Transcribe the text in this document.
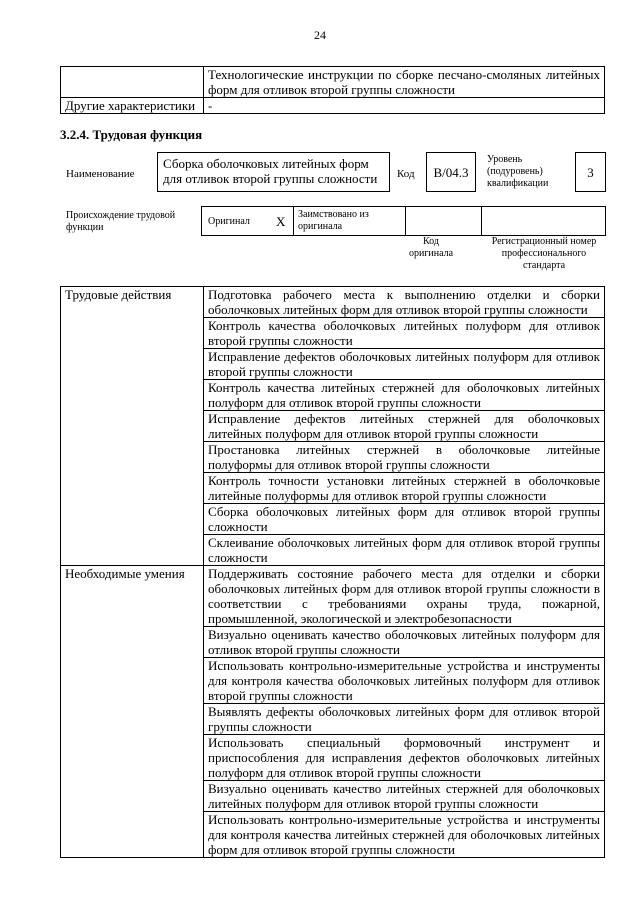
24
	Технологические инструкции по сборке песчано-смоляных литейных форм для отливок второй группы сложности
Другие характеристики	-
3.2.4. Трудовая функция
Наименование
Сборка оболочковых литейных форм для отливок второй группы сложности	Код	B/04.3
Уровень (подуровень) квалификации
3
Происхождение трудовой функции
Оригинал X Заимствовано из оригинала
Код оригинала
Регистрационный номер профессионального стандарта
Трудовые действия	Подготовка рабочего места к выполнению отделки и сборки оболочковых литейных форм для отливок второй группы сложности
	Контроль качества оболочковых литейных полуформ для отливок второй группы сложности
	Исправление дефектов оболочковых литейных полуформ для отливок второй группы сложности
	Контроль качества литейных стержней для оболочковых литейных полуформ для отливок второй группы сложности
	Исправление дефектов литейных стержней для оболочковых литейных полуформ для отливок второй группы сложности
	Простановка литейных стержней в оболочковые литейные полуформы для отливок второй группы сложности
	Контроль точности установки литейных стержней в оболочковые литейные полуформы для отливок второй группы сложности
	Сборка оболочковых литейных форм для отливок второй группы сложности
	Склеивание оболочковых литейных форм для отливок второй группы сложности
Необходимые умения	Поддерживать состояние рабочего места для отделки и сборки оболочковых литейных форм для отливок второй группы сложности в соответствии с требованиями охраны труда, пожарной, промышленной, экологической и электробезопасности
	Визуально оценивать качество оболочковых литейных полуформ для отливок второй группы сложности
	Использовать контрольно-измерительные устройства и инструменты для контроля качества оболочковых литейных полуформ для отливок второй группы сложности
	Выявлять дефекты оболочковых литейных форм для отливок второй группы сложности
	Использовать специальный формовочный инструмент и приспособления для исправления дефектов оболочковых литейных полуформ для отливок второй группы сложности
	Визуально оценивать качество литейных стержней для оболочковых литейных полуформ для отливок второй группы сложности
	Использовать контрольно-измерительные устройства и инструменты для контроля качества литейных стержней для оболочковых литейных форм для отливок второй группы сложности
